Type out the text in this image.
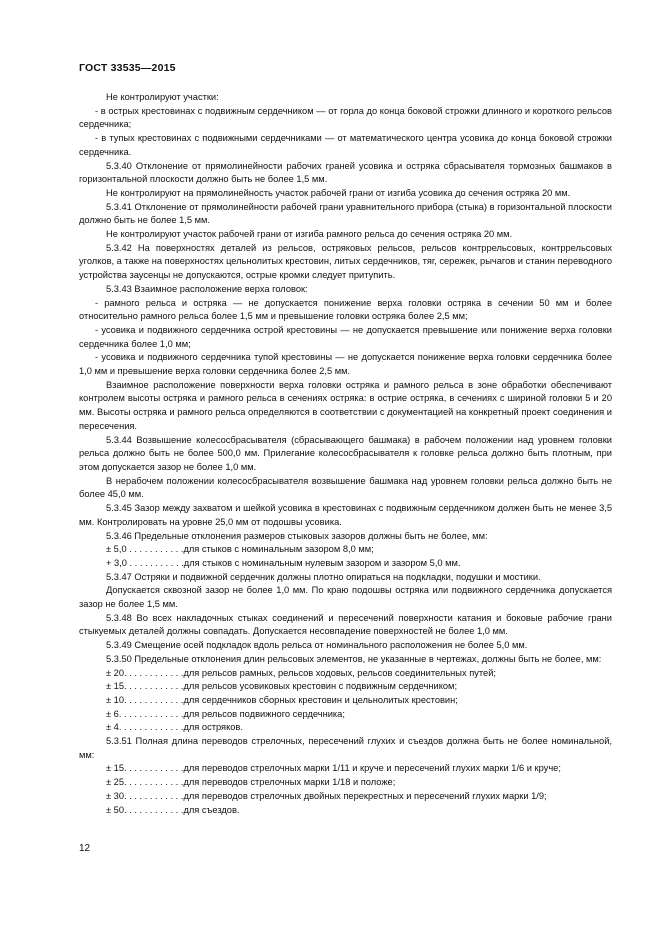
ГОСТ 33535—2015

Не контролируют участки:

- в острых крестовинах с подвижным сердечником — от горла до конца боковой строжки длинного и короткого рельсов сердечника;

- в тупых крестовинах с подвижными сердечниками — от математического центра усовика до конца боковой строжки сердечника.

5.3.40 Отклонение от прямолинейности рабочих граней усовика и остряка сбрасывателя тормозных башмаков в горизонтальной плоскости должно быть не более 1,5 мм.

Не контролируют на прямолинейность участок рабочей грани от изгиба усовика до сечения остряка 20 мм.

5.3.41 Отклонение от прямолинейности рабочей грани уравнительного прибора (стыка) в горизонтальной плоскости должно быть не более 1,5 мм.

Не контролируют участок рабочей грани от изгиба рамного рельса до сечения остряка 20 мм.

5.3.42 На поверхностях деталей из рельсов, остряковых рельсов, рельсов контррельсовых, контррельсовых уголков, а также на поверхностях цельнолитых крестовин, литых сердечников, тяг, сережек, рычагов и станин переводного устройства заусенцы не допускаются, острые кромки следует притупить.

5.3.43 Взаимное расположение верха головок:

- рамного рельса и остряка — не допускается понижение верха головки остряка в сечении 50 мм и более относительно рамного рельса более 1,5 мм и превышение головки остряка более 2,5 мм;

- усовика и подвижного сердечника острой крестовины — не допускается превышение или понижение верха головки сердечника более 1,0 мм;

- усовика и подвижного сердечника тупой крестовины — не допускается понижение верха головки сердечника более 1,0 мм и превышение верха головки сердечника более 2,5 мм.

Взаимное расположение поверхности верха головки остряка и рамного рельса в зоне обработки обеспечивают контролем высоты остряка и рамного рельса в сечениях остряка: в острие остряка, в сечениях с шириной головки 5 и 20 мм. Высоты остряка и рамного рельса определяются в соответствии с документацией на конкретный проект соединения и пересечения.

5.3.44 Возвышение колесосбрасывателя (сбрасывающего башмака) в рабочем положении над уровнем головки рельса должно быть не более 500,0 мм. Прилегание колесосбрасывателя к головке рельса должно быть плотным, при этом допускается зазор не более 1,0 мм.

В нерабочем положении колесосбрасывателя возвышение башмака над уровнем головки рельса должно быть не более 45,0 мм.

5.3.45 Зазор между захватом и шейкой усовика в крестовинах с подвижным сердечником должен быть не менее 3,5 мм. Контролировать на уровне 25,0 мм от подошвы усовика.

5.3.46 Предельные отклонения размеров стыковых зазоров должны быть не более, мм:

± 5,0 . . . . . . . . . . . для стыков с номинальным зазором 8,0 мм;
+ 3,0 . . . . . . . . . . . для стыков с номинальным нулевым зазором и зазором 5,0 мм.

5.3.47 Остряки и подвижной сердечник должны плотно опираться на подкладки, подушки и мостики.

Допускается сквозной зазор не более 1,0 мм. По краю подошвы остряка или подвижного сердечника допускается зазор не более 1,5 мм.

5.3.48 Во всех накладочных стыках соединений и пересечений поверхности катания и боковые рабочие грани стыкуемых деталей должны совпадать. Допускается несовпадение поверхностей не более 1,0 мм.

5.3.49 Смещение осей подкладок вдоль рельса от номинального расположения не более 5,0 мм.

5.3.50 Предельные отклонения длин рельсовых элементов, не указанные в чертежах, должны быть не более, мм:

± 20. . . . . . . . . . . . для рельсов рамных, рельсов ходовых, рельсов соединительных путей;
± 15. . . . . . . . . . . . для рельсов усовиковых крестовин с подвижным сердечником;
± 10. . . . . . . . . . . . для сердечников сборных крестовин и цельнолитых крестовин;
± 6. . . . . . . . . . . . . для рельсов подвижного сердечника;
± 4. . . . . . . . . . . . . для остряков.

5.3.51 Полная длина переводов стрелочных, пересечений глухих и съездов должна быть не более номинальной, мм:

± 15. . . . . . . . . . . . для переводов стрелочных марки 1/11 и круче и пересечений глухих марки 1/6 и круче;
± 25. . . . . . . . . . . . для переводов стрелочных марки 1/18 и положе;
± 30. . . . . . . . . . . . для переводов стрелочных двойных перекрестных и пересечений глухих марки 1/9;
± 50. . . . . . . . . . . . для съездов.
12
